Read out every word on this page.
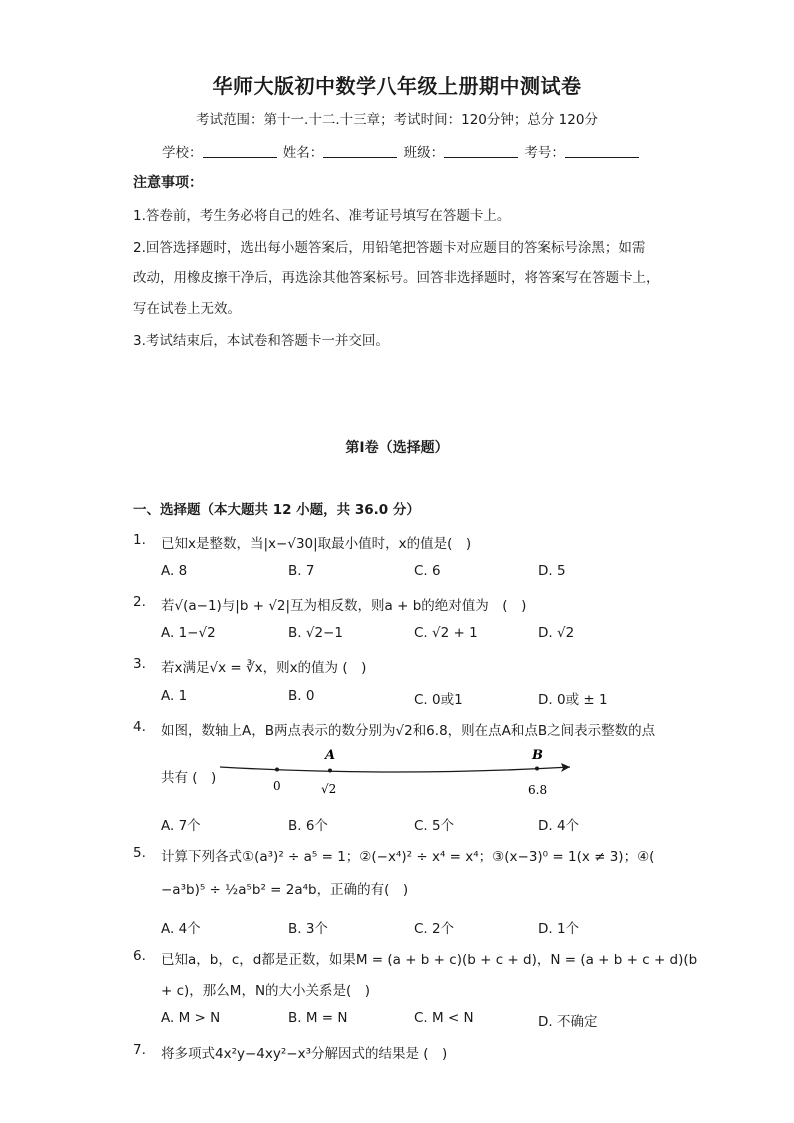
华师大版初中数学八年级上册期中测试卷
考试范围：第十一.十二.十三章；考试时间：120分钟；总分 120分
学校：	姓名：	班级：	考号：
注意事项：
1.答卷前，考生务必将自己的姓名、准考证号填写在答题卡上。
2.回答选择题时，选出每小题答案后，用铅笔把答题卡对应题目的答案标号涂黑；如需
改动，用橡皮擦干净后，再选涂其他答案标号。回答非选择题时，将答案写在答题卡上，
写在试卷上无效。
3.考试结束后，本试卷和答题卡一并交回。
第I卷（选择题）
一、选择题（本大题共 12 小题，共 36.0 分）
1. 已知x是整数，当|x−√30|取最小值时，x的值是(　)
A. 8	B. 7	C. 6	D. 5
2. 若√(a−1)与|b + √2|互为相反数，则a + b的绝对值为　(　)
A. 1−√2	B. √2−1	C. √2 + 1	D. √2
3. 若x满足√x = ∛x，则x的值为 (　)
A. 1	B. 0	C. 0或1	D. 0或 ± 1
4. 如图，数轴上A，B两点表示的数分别为√2和6.8，则在点A和点B之间表示整数的点
共有 (　)
A	B
0	√2	6.8
A. 7个	B. 6个	C. 5个	D. 4个
5. 计算下列各式①(a³)² ÷ a⁵ = 1；②(−x⁴)² ÷ x⁴ = x⁴；③(x−3)⁰ = 1(x ≠ 3)；④(
−a³b)⁵ ÷ ½a⁵b² = 2a⁴b，正确的有(　)
A. 4个	B. 3个	C. 2个	D. 1个
6. 已知a，b，c，d都是正数，如果M = (a + b + c)(b + c + d)，N = (a + b + c + d)(b
+ c)，那么M，N的大小关系是(　)
A. M > N	B. M = N	C. M < N	D. 不确定
7. 将多项式4x²y−4xy²−x³分解因式的结果是 (　)
